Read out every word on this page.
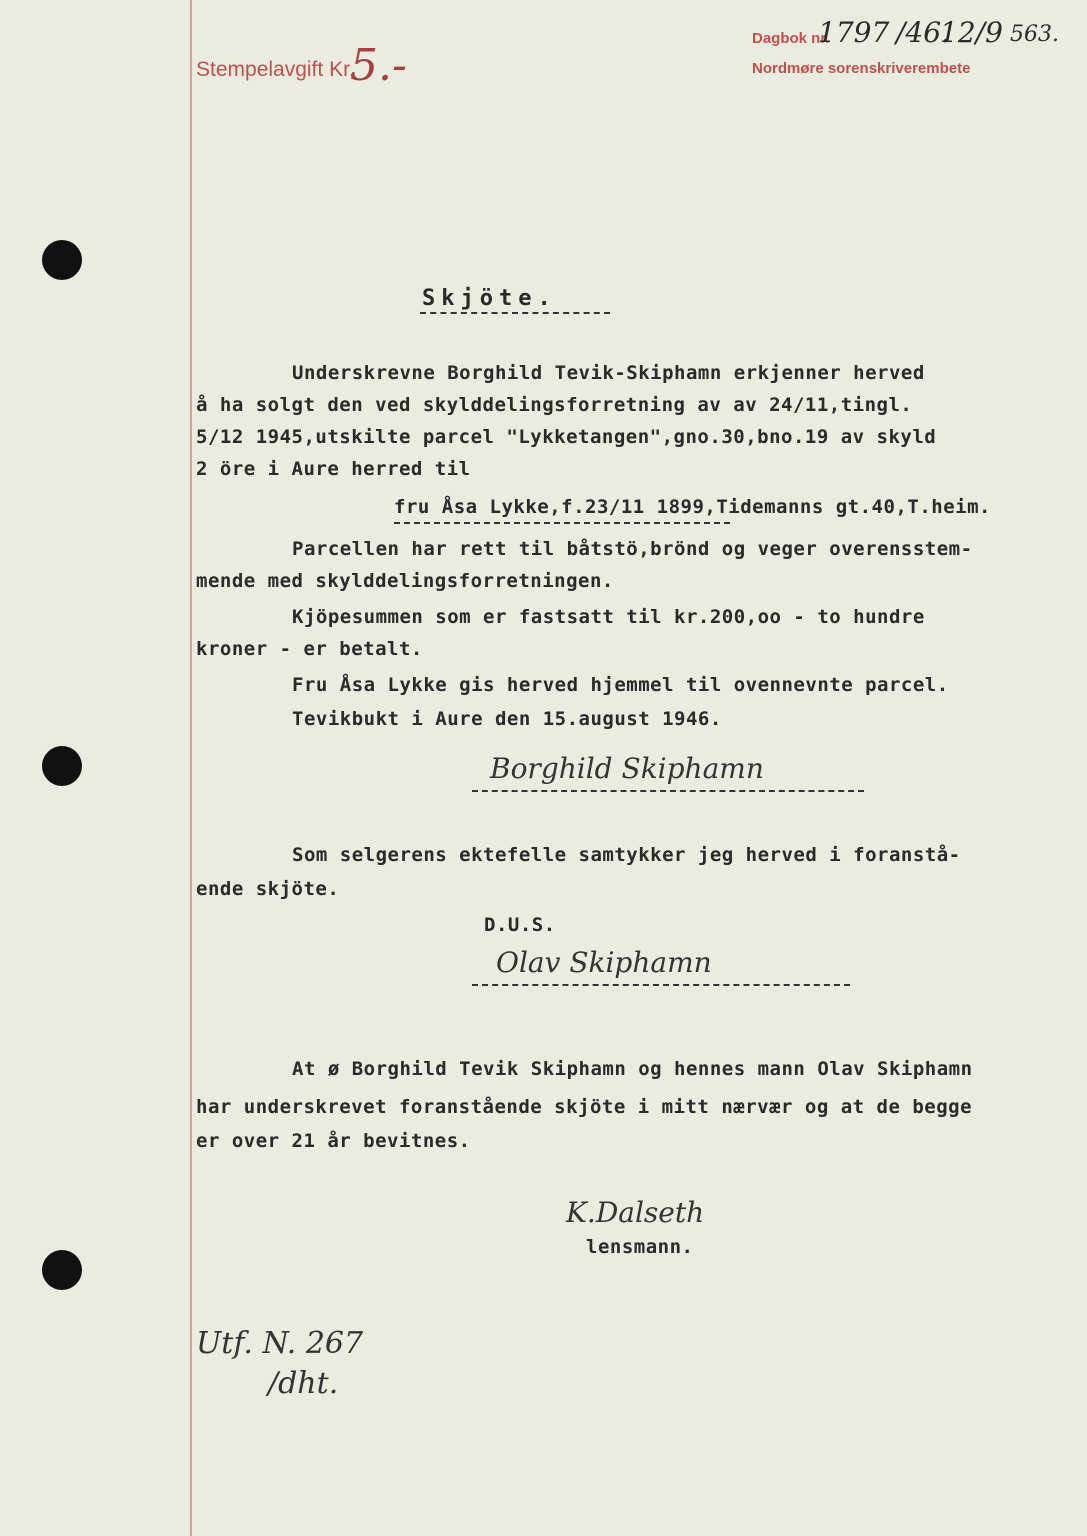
Stempelavgift Kr.
5.-
Dagbok nr.
Nordmøre sorenskriverembete
1797 /46.
12/9 563.
Skjöte.
Underskrevne Borghild Tevik-Skiphamn erkjenner herved
å ha solgt den ved skylddelingsforretning av av 24/11,tingl.
5/12 1945,utskilte parcel "Lykketangen",gno.30,bno.19 av skyld
2 öre i Aure herred til
fru Åsa Lykke,f.23/11 1899,Tidemanns gt.40,T.heim.
Parcellen har rett til båtstö,brönd og veger overensstem-
mende med skylddelingsforretningen.
Kjöpesummen som er fastsatt til kr.200,oo - to hundre
kroner - er betalt.
Fru Åsa Lykke gis herved hjemmel til ovennevnte parcel.
Tevikbukt i Aure den 15.august 1946.
Borghild Skiphamn
Som selgerens ektefelle samtykker jeg herved i foranstå-
ende skjöte.
D.U.S.
Olav Skiphamn
At ø Borghild Tevik Skiphamn og hennes mann Olav Skiphamn
har underskrevet foranstående skjöte i mitt nærvær og at de begge
er over 21 år bevitnes.
K.Dalseth
lensmann.
Utf. N. 267
/dht.
